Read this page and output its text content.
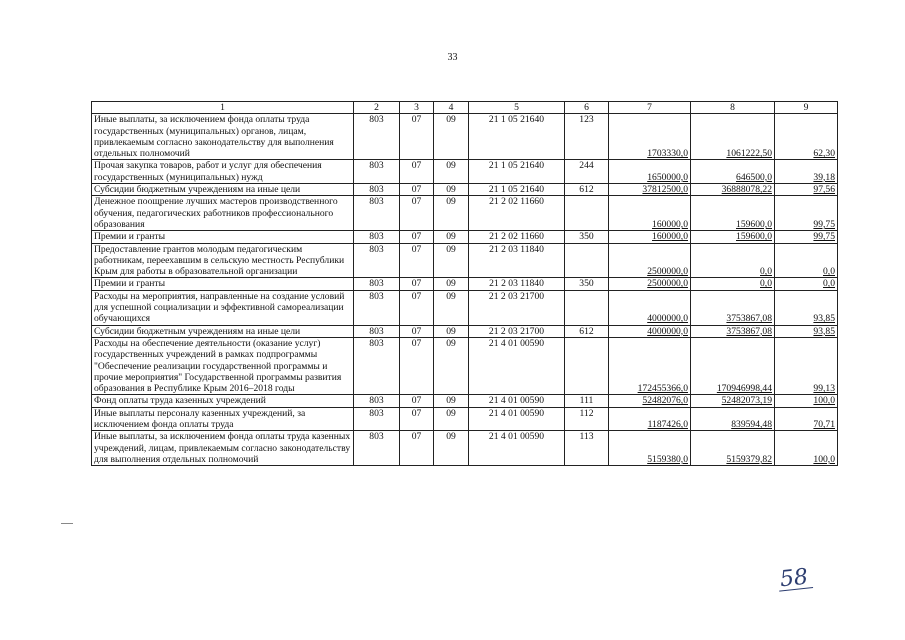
33
1	2	3	4	5	6	7	8	9
Иные выплаты, за исключением фонда оплаты труда государственных (муниципальных) органов, лицам, привлекаемым согласно законодательству для выполнения отдельных полномочий	803	07	09	21 1 05 21640	123	1703330,0	1061222,50	62,30
Прочая закупка товаров, работ и услуг для обеспечения государственных (муниципальных) нужд	803	07	09	21 1 05 21640	244	1650000,0	646500,0	39,18
Субсидии бюджетным учреждениям на иные цели	803	07	09	21 1 05 21640	612	37812500,0	36888078,22	97,56
Денежное поощрение лучших мастеров производственного обучения, педагогических работников профессионального образования	803	07	09	21 2 02 11660		160000,0	159600,0	99,75
Премии и гранты	803	07	09	21 2 02 11660	350	160000,0	159600,0	99,75
Предоставление грантов молодым педагогическим работникам, переехавшим в сельскую местность Республики Крым для работы в образовательной организации	803	07	09	21 2 03 11840		2500000,0	0,0	0,0
Премии и гранты	803	07	09	21 2 03 11840	350	2500000,0	0,0	0,0
Расходы на мероприятия, направленные на создание условий для успешной социализации и эффективной самореализации обучающихся	803	07	09	21 2 03 21700		4000000,0	3753867,08	93,85
Субсидии бюджетным учреждениям на иные цели	803	07	09	21 2 03 21700	612	4000000,0	3753867,08	93,85
Расходы на обеспечение деятельности (оказание услуг) государственных учреждений в рамках подпрограммы "Обеспечение реализации государственной программы и прочие мероприятия" Государственной программы развития образования в Республике Крым 2016–2018 годы	803	07	09	21 4 01 00590		172455366,0	170946998,44	99,13
Фонд оплаты труда казенных учреждений	803	07	09	21 4 01 00590	111	52482076,0	52482073,19	100,0
Иные выплаты персоналу казенных учреждений, за исключением фонда оплаты труда	803	07	09	21 4 01 00590	112	1187426,0	839594,48	70,71
Иные выплаты, за исключением фонда оплаты труда казенных учреждений, лицам, привлекаемым согласно законодательству для выполнения отдельных полномочий	803	07	09	21 4 01 00590	113	5159380,0	5159379,82	100,0
58
